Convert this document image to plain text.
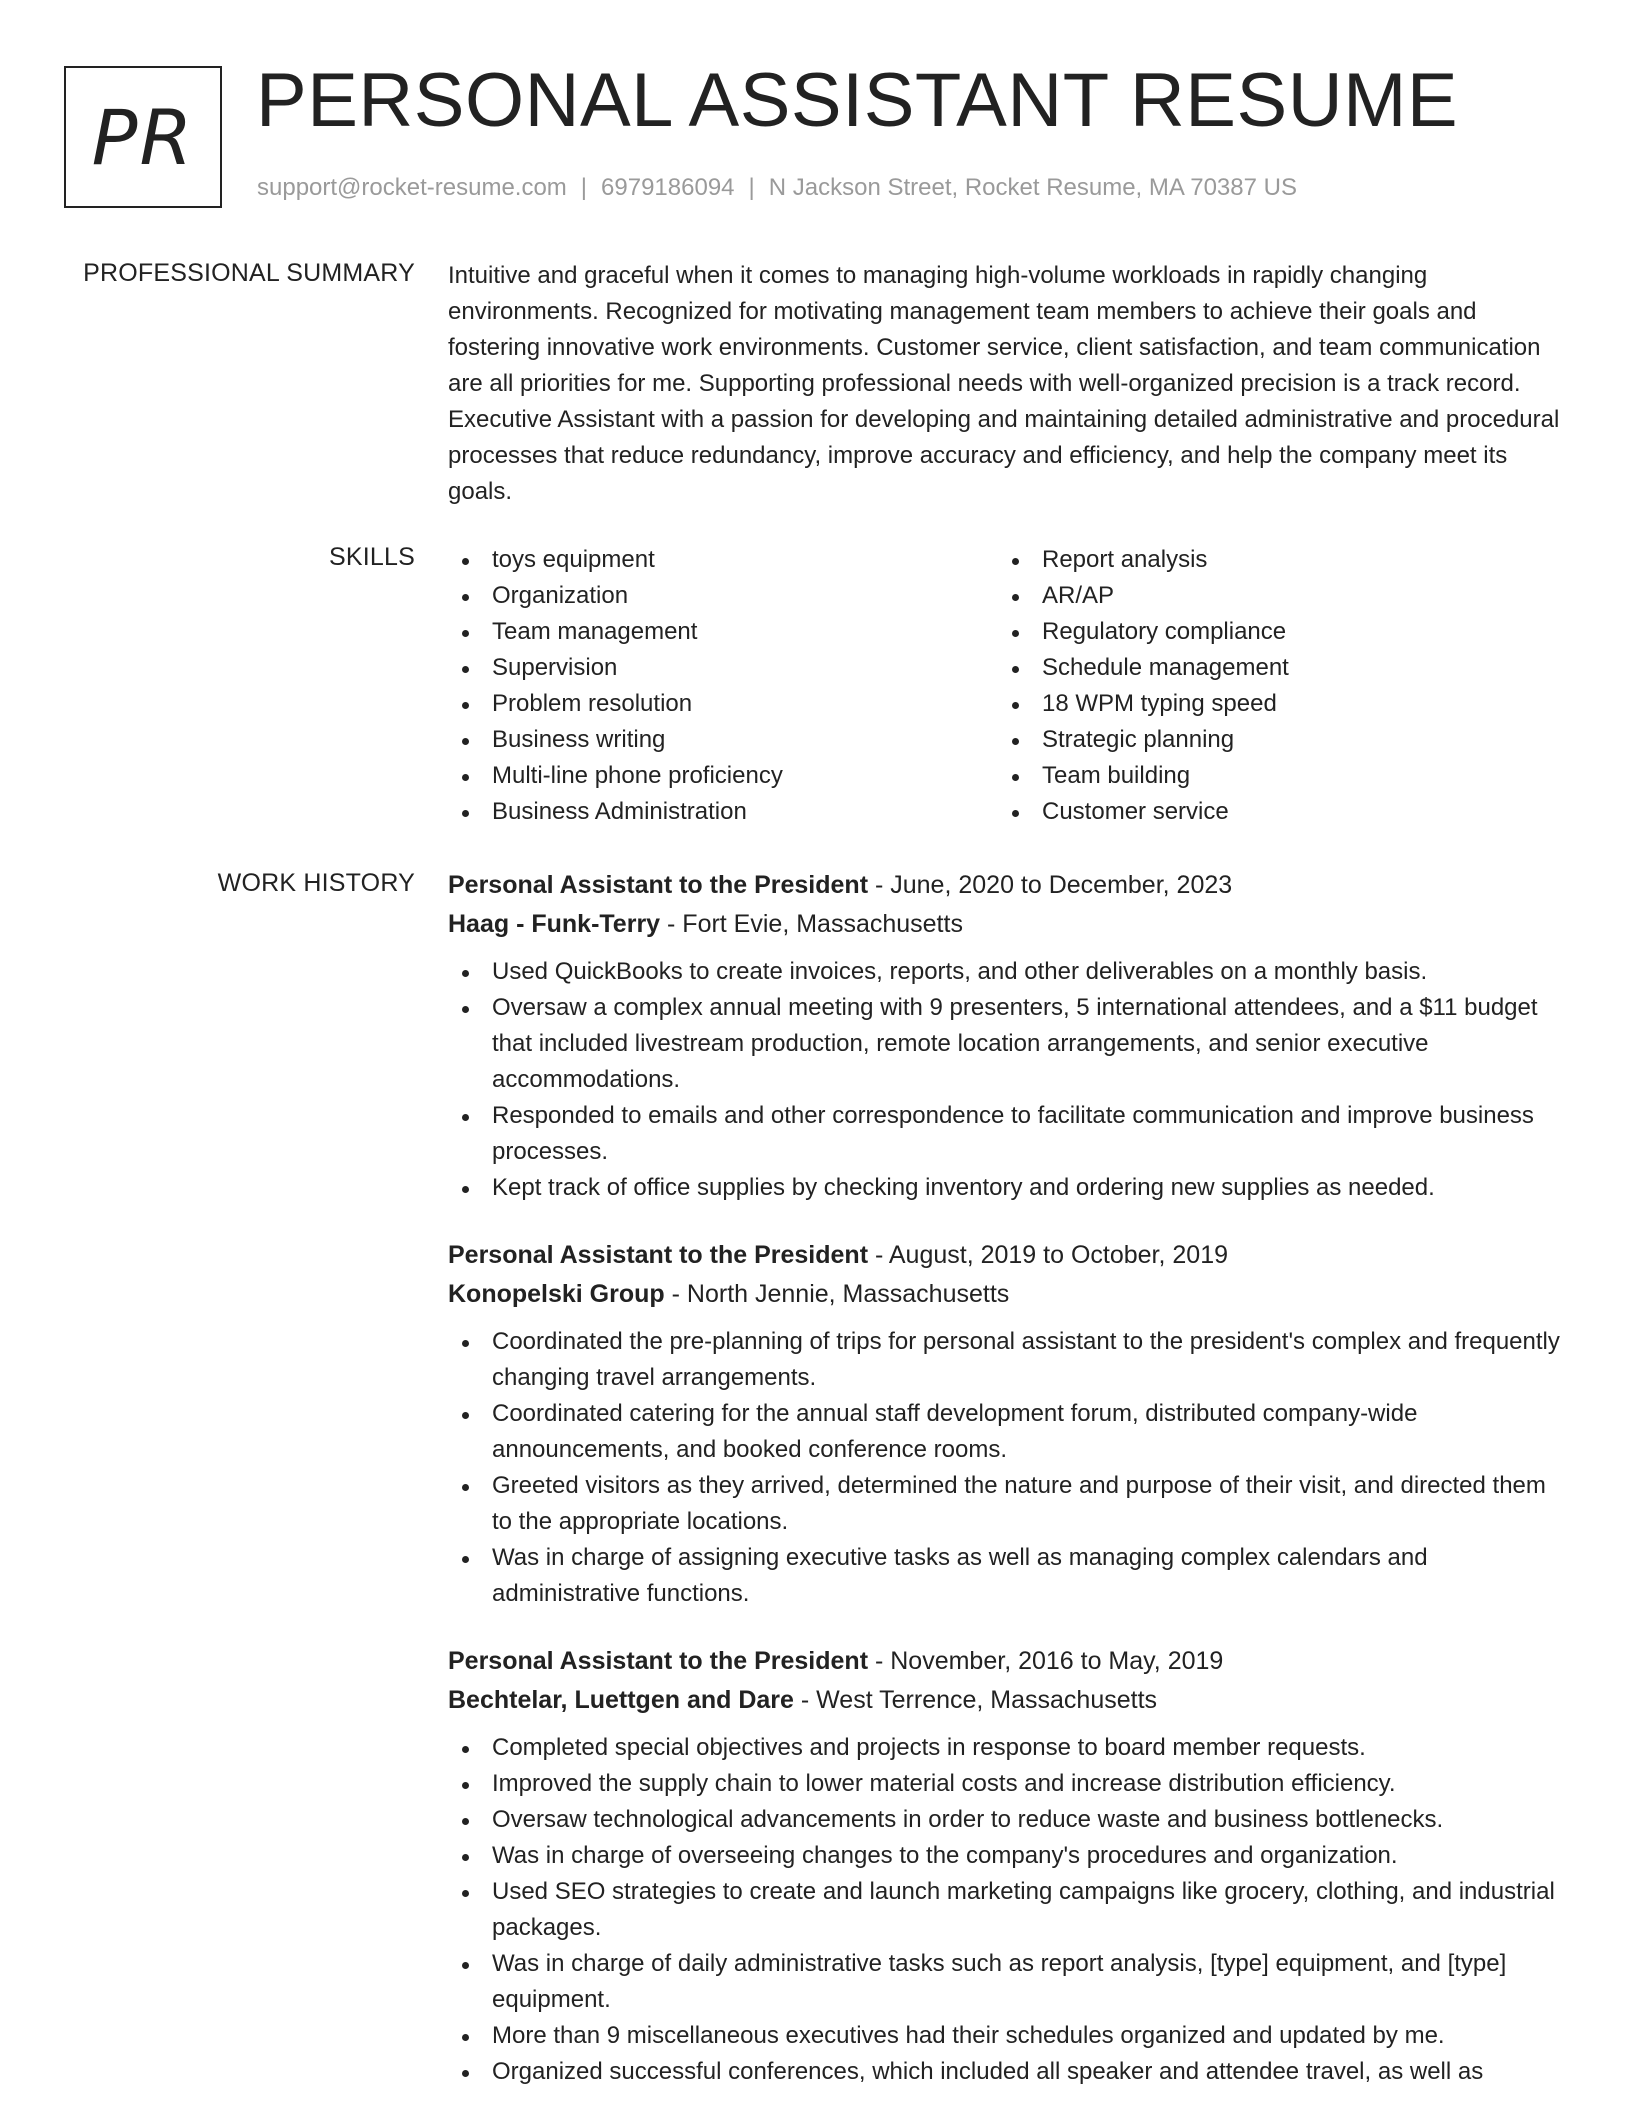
PR PERSONAL ASSISTANT RESUME
support@rocket-resume.com | 6979186094 | N Jackson Street, Rocket Resume, MA 70387 US
PROFESSIONAL SUMMARY Intuitive and graceful when it comes to managing high-volume workloads in rapidly changing environments. Recognized for motivating management team members to achieve their goals and fostering innovative work environments. Customer service, client satisfaction, and team communication are all priorities for me. Supporting professional needs with well-organized precision is a track record. Executive Assistant with a passion for developing and maintaining detailed administrative and procedural processes that reduce redundancy, improve accuracy and efficiency, and help the company meet its goals.

SKILLS	toys equipment
Organization
Team management
Supervision
Problem resolution
Business writing
Multi-line phone proficiency
Business Administration
Report analysis
AR/AP
Regulatory compliance
Schedule management
18 WPM typing speed
Strategic planning
Team building
Customer service
WORK HISTORY Personal Assistant to the President - June, 2020 to December, 2023
Haag - Funk-Terry - Fort Evie, Massachusetts
Used QuickBooks to create invoices, reports, and other deliverables on a monthly basis.
Oversaw a complex annual meeting with 9 presenters, 5 international attendees, and a $11 budget that included livestream production, remote location arrangements, and senior executive accommodations.
Responded to emails and other correspondence to facilitate communication and improve business processes.
Kept track of office supplies by checking inventory and ordering new supplies as needed.
Personal Assistant to the President - August, 2019 to October, 2019
Konopelski Group - North Jennie, Massachusetts
Coordinated the pre-planning of trips for personal assistant to the president's complex and frequently changing travel arrangements.
Coordinated catering for the annual staff development forum, distributed company-wide announcements, and booked conference rooms.
Greeted visitors as they arrived, determined the nature and purpose of their visit, and directed them to the appropriate locations.
Was in charge of assigning executive tasks as well as managing complex calendars and administrative functions.
Personal Assistant to the President - November, 2016 to May, 2019
Bechtelar, Luettgen and Dare - West Terrence, Massachusetts
Completed special objectives and projects in response to board member requests.
Improved the supply chain to lower material costs and increase distribution efficiency.
Oversaw technological advancements in order to reduce waste and business bottlenecks.
Was in charge of overseeing changes to the company's procedures and organization.
Used SEO strategies to create and launch marketing campaigns like grocery, clothing, and industrial packages.
Was in charge of daily administrative tasks such as report analysis, [type] equipment, and [type] equipment.
More than 9 miscellaneous executives had their schedules organized and updated by me.
Organized successful conferences, which included all speaker and attendee travel, as well as
